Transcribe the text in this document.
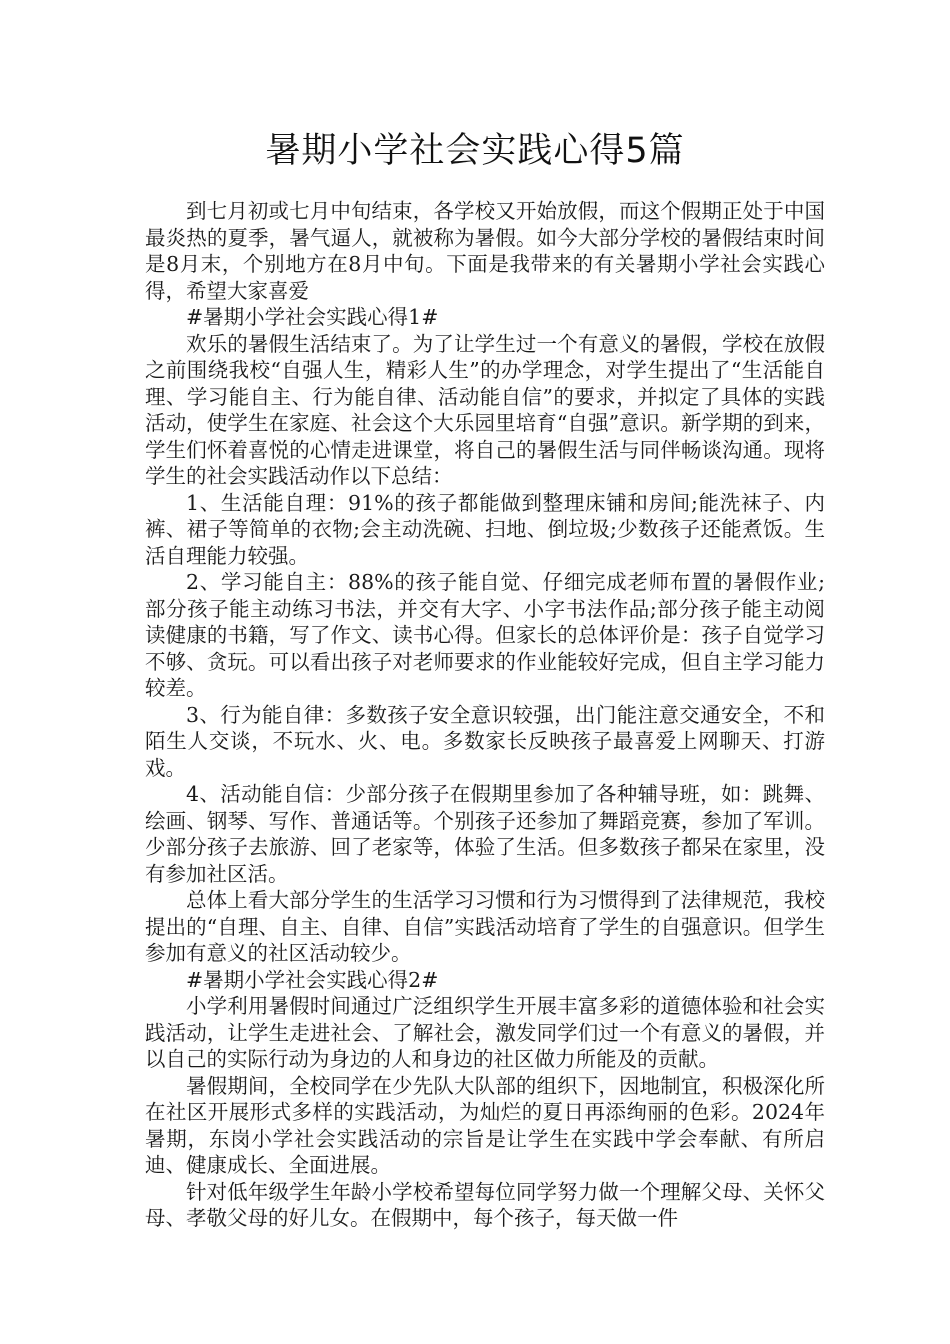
暑期小学社会实践心得5篇

到七月初或七月中旬结束，各学校又开始放假，而这个假期正处于中国最炎热的夏季，暑气逼人，就被称为暑假。如今大部分学校的暑假结束时间是8月末，个别地方在8月中旬。下面是我带来的有关暑期小学社会实践心得，希望大家喜爱

#暑期小学社会实践心得1#

欢乐的暑假生活结束了。为了让学生过一个有意义的暑假，学校在放假之前围绕我校“自强人生，精彩人生”的办学理念，对学生提出了“生活能自理、学习能自主、行为能自律、活动能自信”的要求，并拟定了具体的实践活动，使学生在家庭、社会这个大乐园里培育“自强”意识。新学期的到来，学生们怀着喜悦的心情走进课堂，将自己的暑假生活与同伴畅谈沟通。现将学生的社会实践活动作以下总结：

1、生活能自理：91%的孩子都能做到整理床铺和房间;能洗袜子、内裤、裙子等简单的衣物;会主动洗碗、扫地、倒垃圾;少数孩子还能煮饭。生活自理能力较强。

2、学习能自主：88%的孩子能自觉、仔细完成老师布置的暑假作业;部分孩子能主动练习书法，并交有大字、小字书法作品;部分孩子能主动阅读健康的书籍，写了作文、读书心得。但家长的总体评价是：孩子自觉学习不够、贪玩。可以看出孩子对老师要求的作业能较好完成，但自主学习能力较差。

3、行为能自律：多数孩子安全意识较强，出门能注意交通安全，不和陌生人交谈，不玩水、火、电。多数家长反映孩子最喜爱上网聊天、打游戏。

4、活动能自信：少部分孩子在假期里参加了各种辅导班，如：跳舞、绘画、钢琴、写作、普通话等。个别孩子还参加了舞蹈竞赛，参加了军训。少部分孩子去旅游、回了老家等，体验了生活。但多数孩子都呆在家里，没有参加社区活。

总体上看大部分学生的生活学习习惯和行为习惯得到了法律规范，我校提出的“自理、自主、自律、自信”实践活动培育了学生的自强意识。但学生参加有意义的社区活动较少。

#暑期小学社会实践心得2#

小学利用暑假时间通过广泛组织学生开展丰富多彩的道德体验和社会实践活动，让学生走进社会、了解社会，激发同学们过一个有意义的暑假，并以自己的实际行动为身边的人和身边的社区做力所能及的贡献。

暑假期间，全校同学在少先队大队部的组织下，因地制宜，积极深化所在社区开展形式多样的实践活动，为灿烂的夏日再添绚丽的色彩。2024年暑期，东岗小学社会实践活动的宗旨是让学生在实践中学会奉献、有所启迪、健康成长、全面进展。

针对低年级学生年龄小学校希望每位同学努力做一个理解父母、关怀父母、孝敬父母的好儿女。在假期中，每个孩子，每天做一件
